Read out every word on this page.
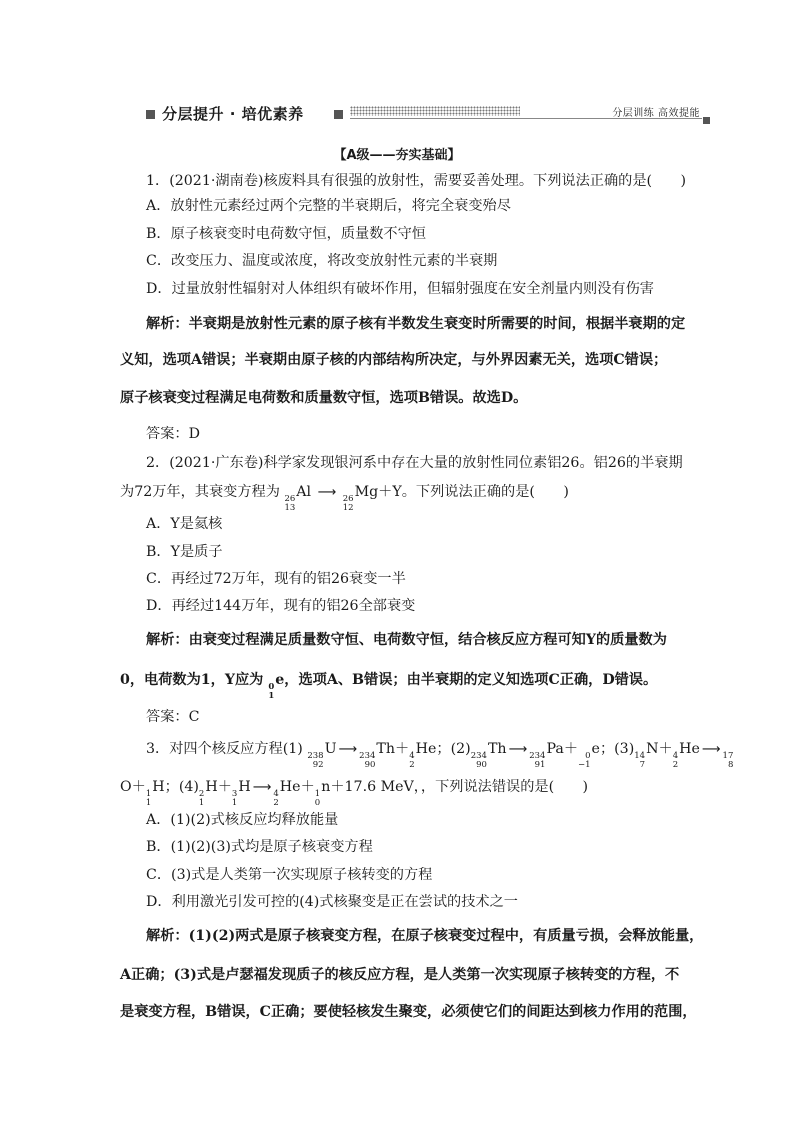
分层提升 · 培优素养	分层训练 高效提能
【A级——夯实基础】
1．(2021·湖南卷)核废料具有很强的放射性，需要妥善处理。下列说法正确的是(　　)
A．放射性元素经过两个完整的半衰期后，将完全衰变殆尽
B．原子核衰变时电荷数守恒，质量数不守恒
C．改变压力、温度或浓度，将改变放射性元素的半衰期
D．过量放射性辐射对人体组织有破坏作用，但辐射强度在安全剂量内则没有伤害
解析：半衰期是放射性元素的原子核有半数发生衰变时所需要的时间，根据半衰期的定
义知，选项A错误；半衰期由原子核的内部结构所决定，与外界因素无关，选项C错误；
原子核衰变过程满足电荷数和质量数守恒，选项B错误。故选D。
答案：D
2．(2021·广东卷)科学家发现银河系中存在大量的放射性同位素铝26。铝26的半衰期
为72万年，其衰变方程为 26
13
Al ⟶ 26
12
Mg＋Y。下列说法正确的是(　　)
A．Y是氦核
B．Y是质子
C．再经过72万年，现有的铝26衰变一半
D．再经过144万年，现有的铝26全部衰变
解析：由衰变过程满足质量数守恒、电荷数守恒，结合核反应方程可知Y的质量数为
0，电荷数为1，Y应为 0
1
e，选项A、B错误；由半衰期的定义知选项C正确，D错误。
答案：C
3．对四个核反应方程(1) 238
92
U ⟶ 234
90
Th＋ 4
2
He；(2) 234
90
Th ⟶ 234
91
Pa＋ 0
−1
e；(3) 14
7
N＋ 4
2
He ⟶ 17
8
O＋ 1
1
H；(4) 2
1
H＋ 3
1
H ⟶ 4
2
He＋ 1
0
n＋17.6 MeV，，下列说法错误的是(　　)
A．(1)(2)式核反应均释放能量
B．(1)(2)(3)式均是原子核衰变方程
C．(3)式是人类第一次实现原子核转变的方程
D．利用激光引发可控的(4)式核聚变是正在尝试的技术之一
解析：(1)(2)两式是原子核衰变方程，在原子核衰变过程中，有质量亏损，会释放能量，
A正确；(3)式是卢瑟福发现质子的核反应方程，是人类第一次实现原子核转变的方程，不
是衰变方程，B错误，C正确；要使轻核发生聚变，必须使它们的间距达到核力作用的范围，
